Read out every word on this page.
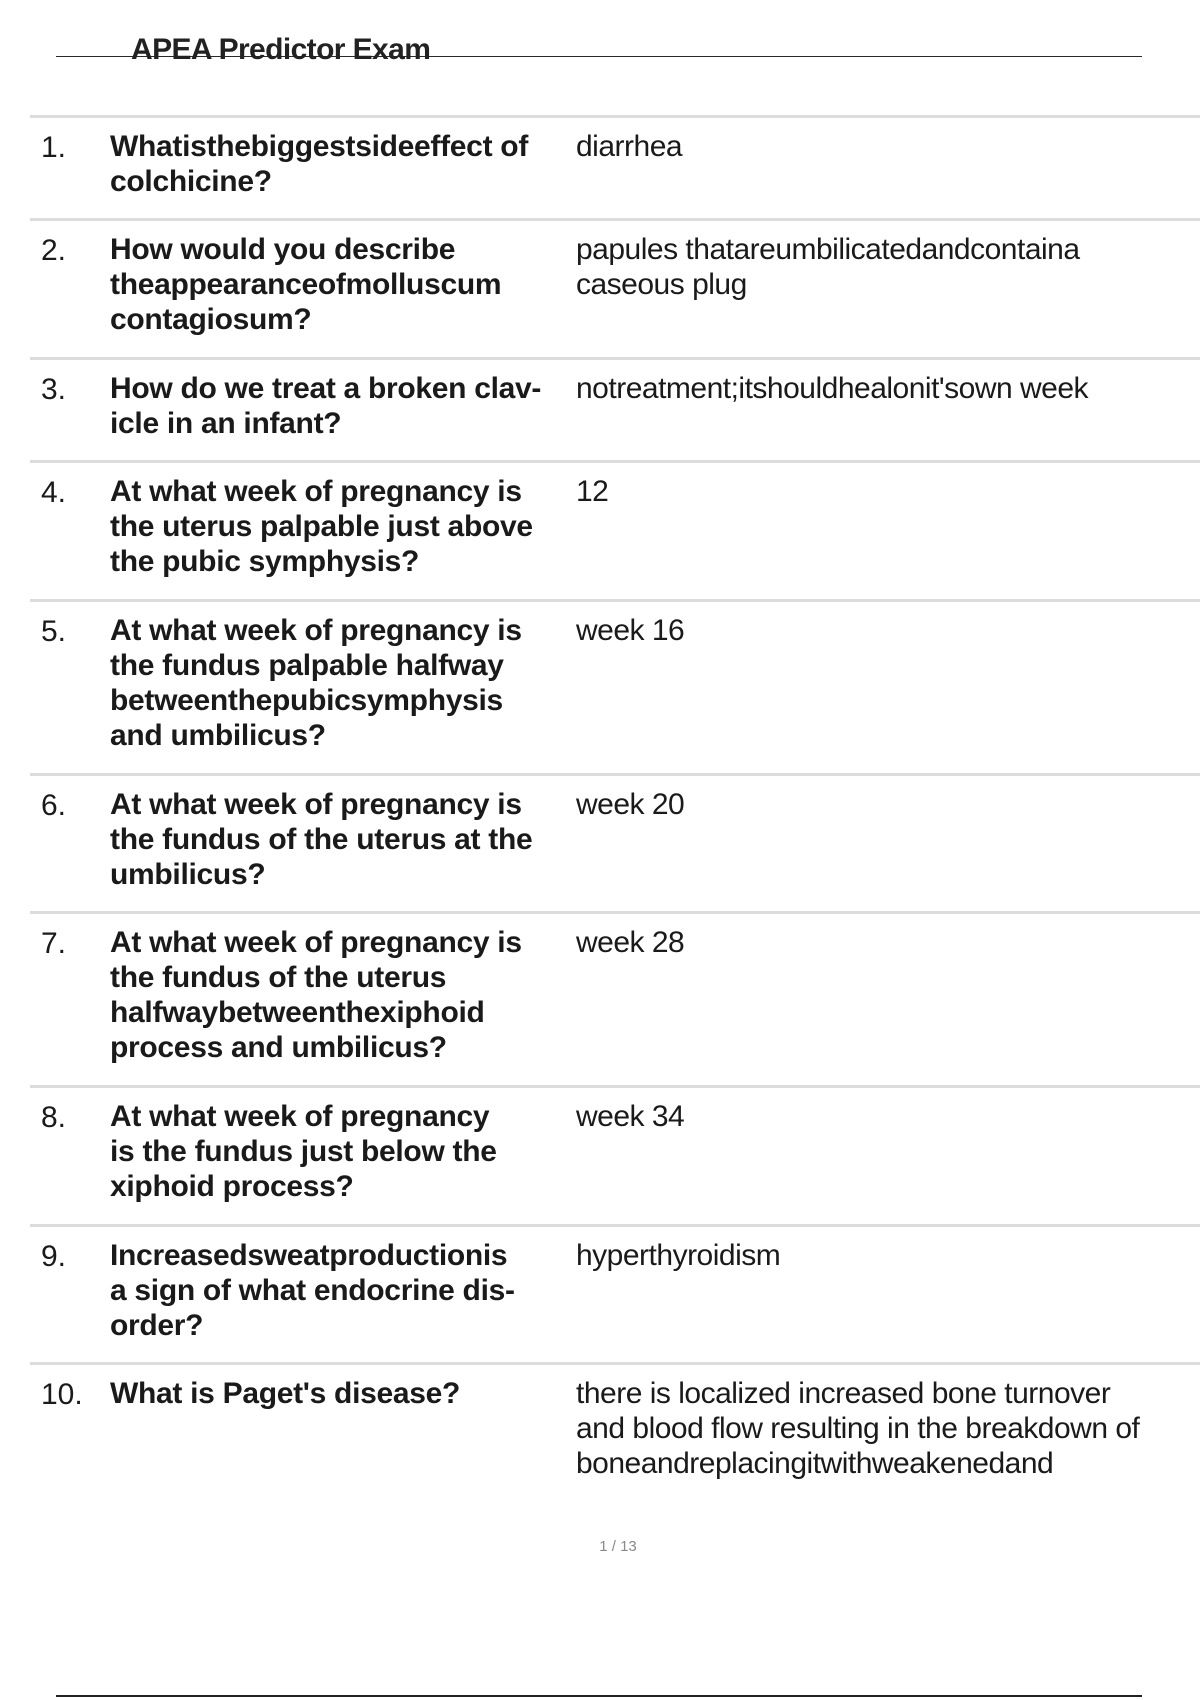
APEA Predictor Exam
1. Whatisthebiggestsideeffect of
colchicine?
diarrhea
2. How would you describe
theappearanceofmolluscum
contagiosum?
papules thatareumbilicatedandcontaina
caseous plug
3. How do we treat a broken clav-
icle in an infant?
notreatment;itshouldhealonit'sown week
4. At what week of pregnancy is
the uterus palpable just above
the pubic symphysis?
12
5. At what week of pregnancy is
the fundus palpable halfway
betweenthepubicsymphysis
and umbilicus?
week 16
6. At what week of pregnancy is
the fundus of the uterus at the
umbilicus?
week 20
7. At what week of pregnancy is
the fundus of the uterus
halfwaybetweenthexiphoid
process and umbilicus?
week 28
8. At what week of pregnancy
is the fundus just below the
xiphoid process?
week 34
9. Increasedsweatproductionis
a sign of what endocrine dis-
order?
hyperthyroidism
10. What is Paget's disease?	there is localized increased bone turnover
and blood flow resulting in the breakdown of
boneandreplacingitwithweakenedand
1 / 13
